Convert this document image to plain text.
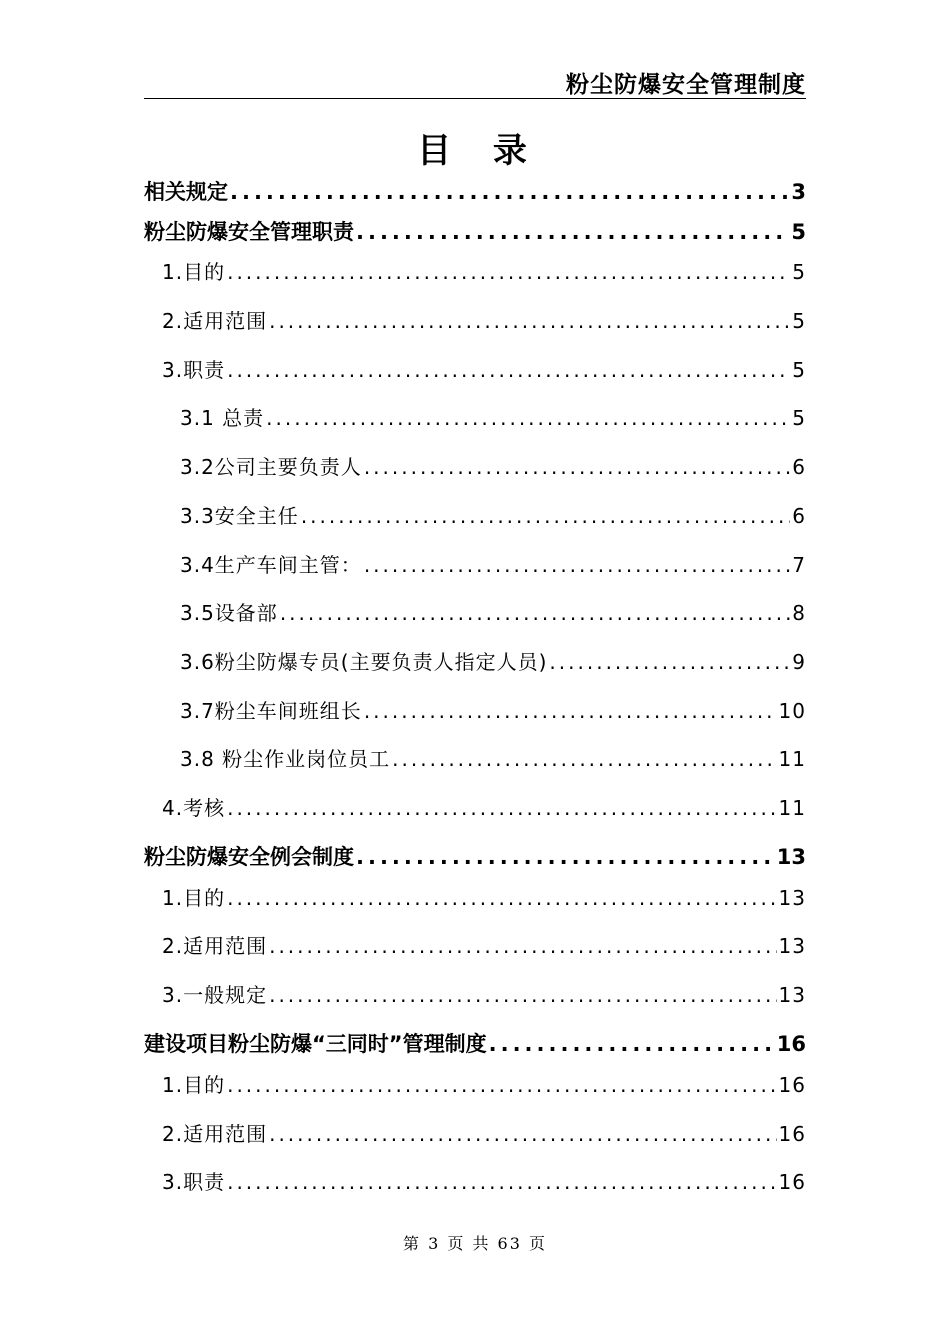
粉尘防爆安全管理制度
目  录
相关规定 .....	3
粉尘防爆安全管理职责 .....	5
1.目的 .....	5
2.适用范围 .....	5
3.职责 .....	5
3.1 总责 .....	5
3.2公司主要负责人 .....	6
3.3安全主任 .....	6
3.4生产车间主管： .....	7
3.5设备部 .....	8
3.6粉尘防爆专员(主要负责人指定人员) .....	9
3.7粉尘车间班组长 .....	10
3.8 粉尘作业岗位员工 .....	11
4.考核 .....	11
粉尘防爆安全例会制度 .....	13
1.目的 .....	13
2.适用范围 .....	13
3.一般规定 .....	13
建设项目粉尘防爆“三同时”管理制度 .....	16
1.目的 .....	16
2.适用范围 .....	16
3.职责 .....	16
第 3 页 共 63 页
